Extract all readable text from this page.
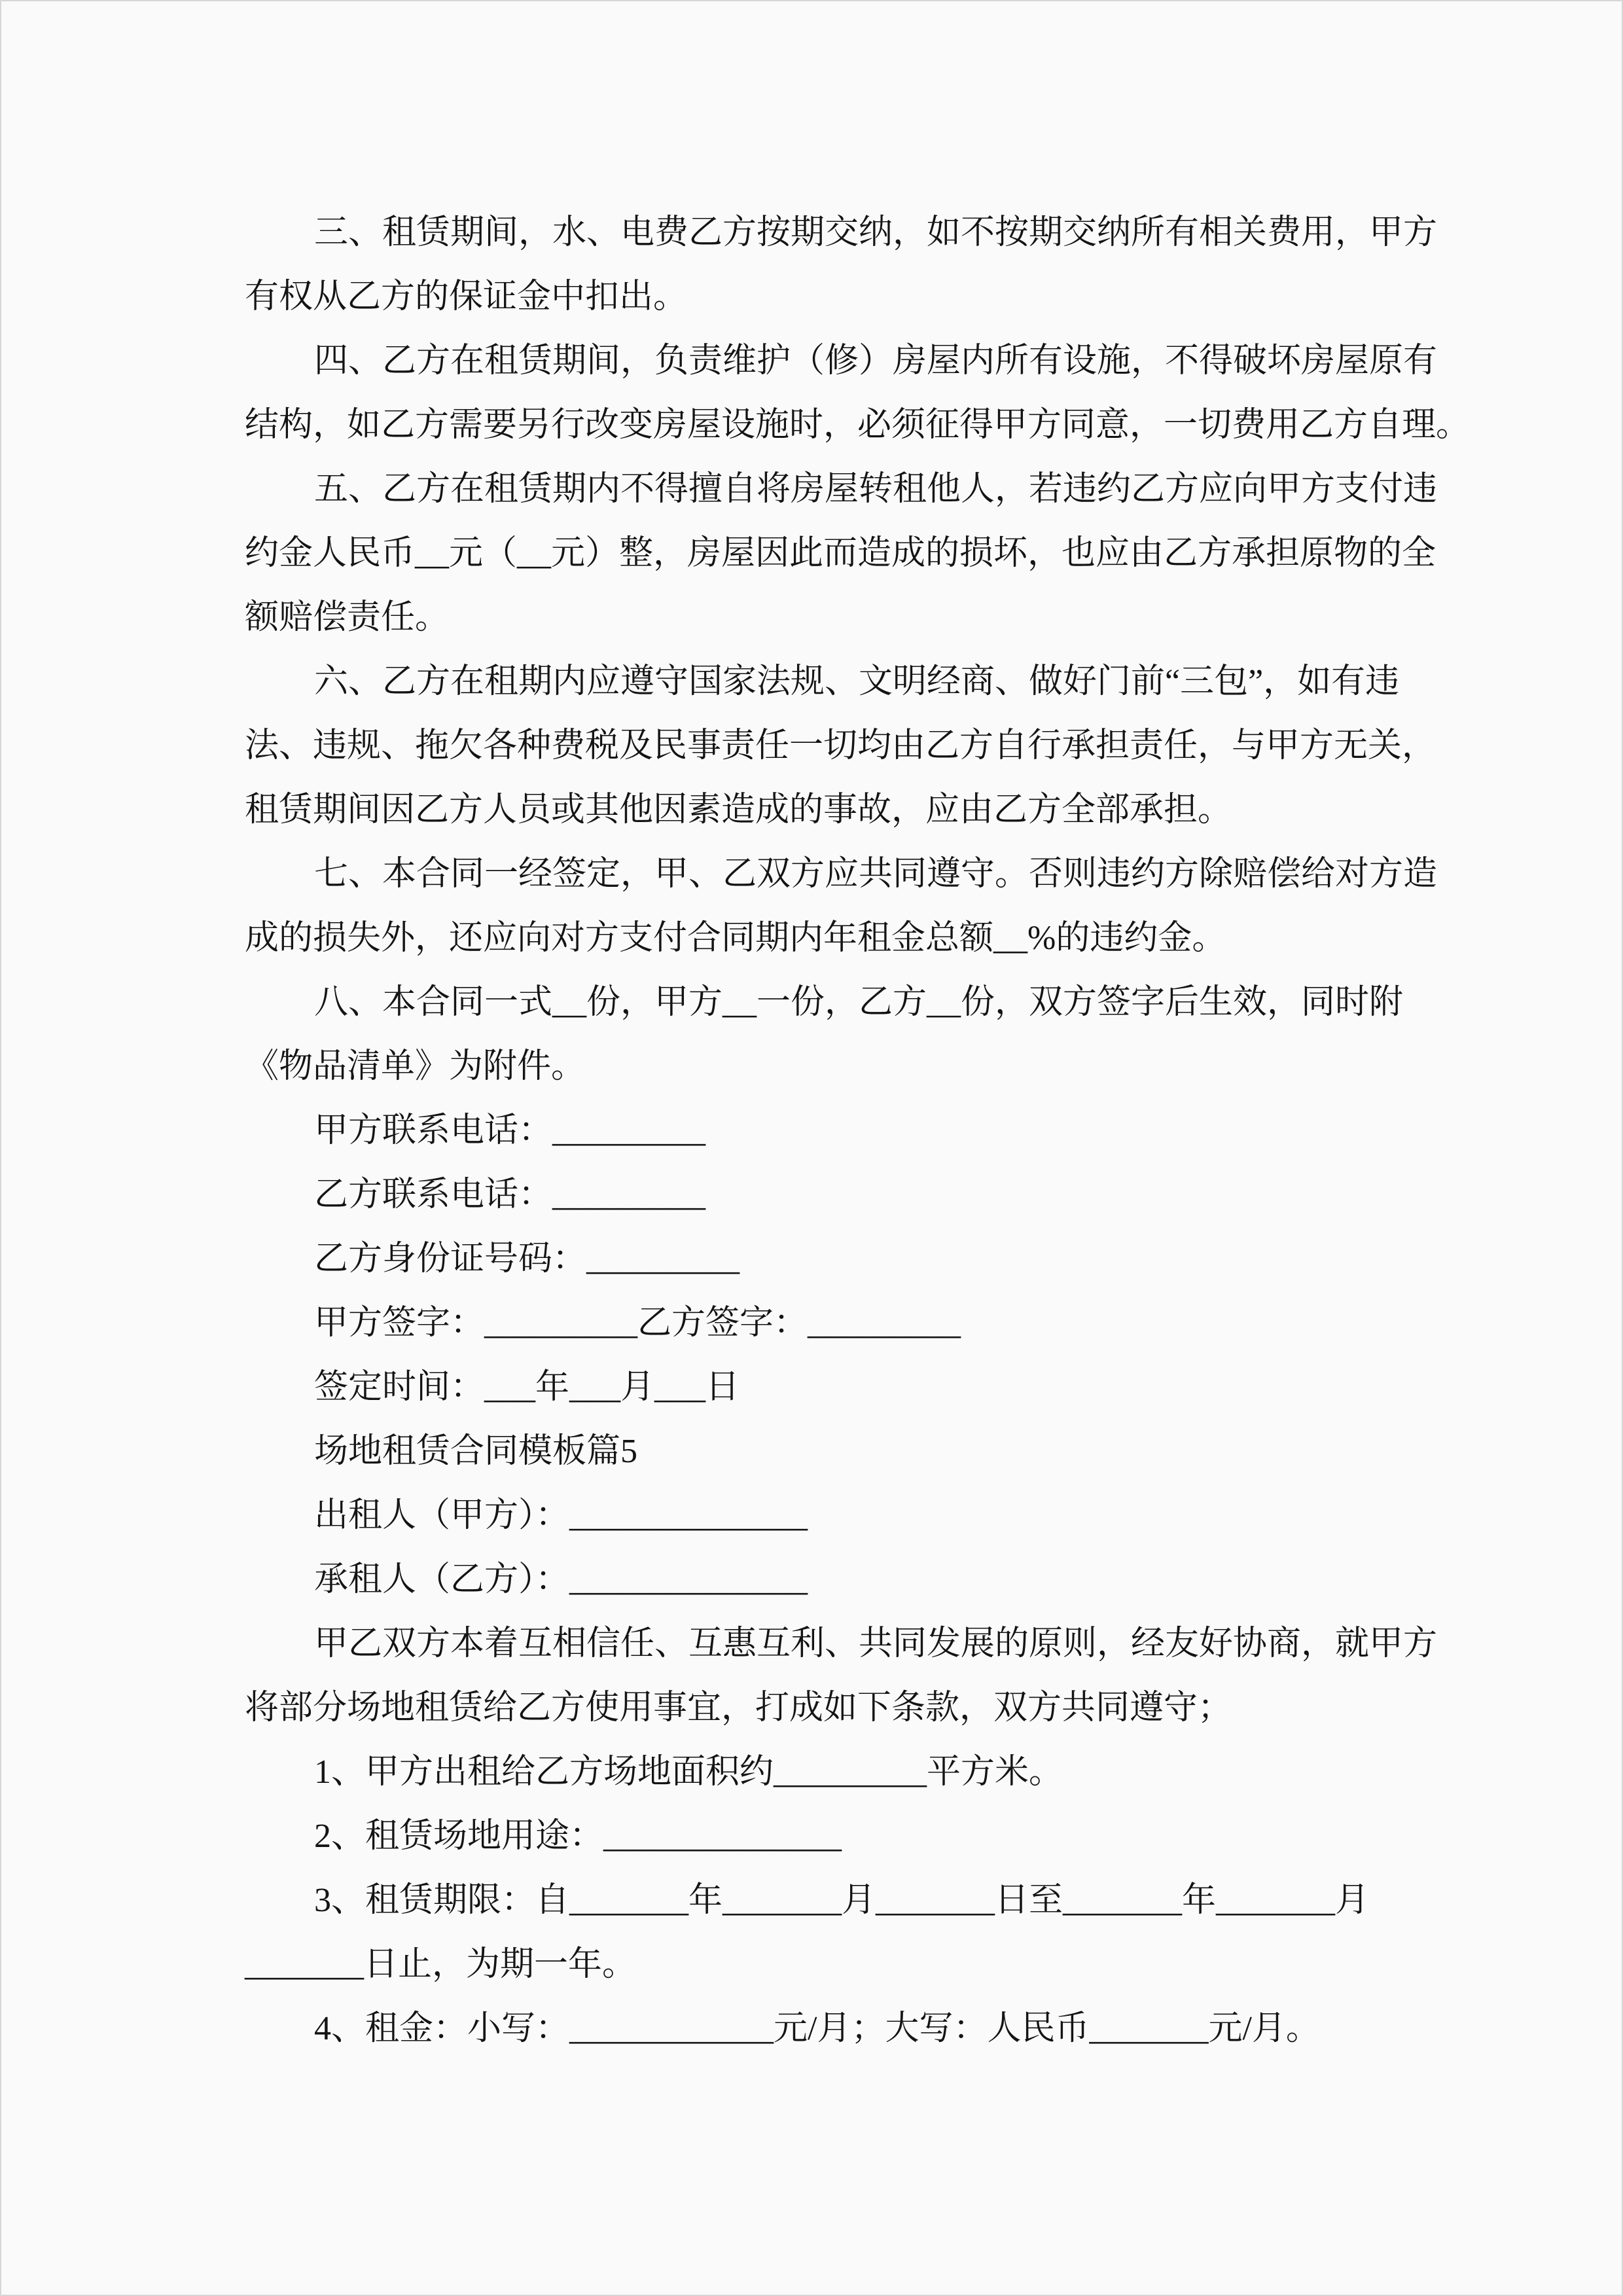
三、租赁期间，水、电费乙方按期交纳，如不按期交纳所有相关费用，甲方
有权从乙方的保证金中扣出。
四、乙方在租赁期间，负责维护（修）房屋内所有设施，不得破坏房屋原有
结构，如乙方需要另行改变房屋设施时，必须征得甲方同意，一切费用乙方自理。
五、乙方在租赁期内不得擅自将房屋转租他人，若违约乙方应向甲方支付违
约金人民币__元（__元）整，房屋因此而造成的损坏，也应由乙方承担原物的全
额赔偿责任。
六、乙方在租期内应遵守国家法规、文明经商、做好门前“三包”，如有违
法、违规、拖欠各种费税及民事责任一切均由乙方自行承担责任，与甲方无关，
租赁期间因乙方人员或其他因素造成的事故，应由乙方全部承担。
七、本合同一经签定，甲、乙双方应共同遵守。否则违约方除赔偿给对方造
成的损失外，还应向对方支付合同期内年租金总额__%的违约金。
八、本合同一式__份，甲方__一份，乙方__份，双方签字后生效，同时附
《物品清单》为附件。
甲方联系电话：_________
乙方联系电话：_________
乙方身份证号码：_________
甲方签字：_________乙方签字：_________
签定时间：___年___月___日
场地租赁合同模板篇5
出租人（甲方）：______________
承租人（乙方）：______________
甲乙双方本着互相信任、互惠互利、共同发展的原则，经友好协商，就甲方
将部分场地租赁给乙方使用事宜，打成如下条款，双方共同遵守；
1、甲方出租给乙方场地面积约_________平方米。
2、租赁场地用途：______________
3、租赁期限：自_______年_______月_______日至_______年_______月
_______日止，为期一年。
4、租金：小写：____________元/月；大写：人民币_______元/月。
